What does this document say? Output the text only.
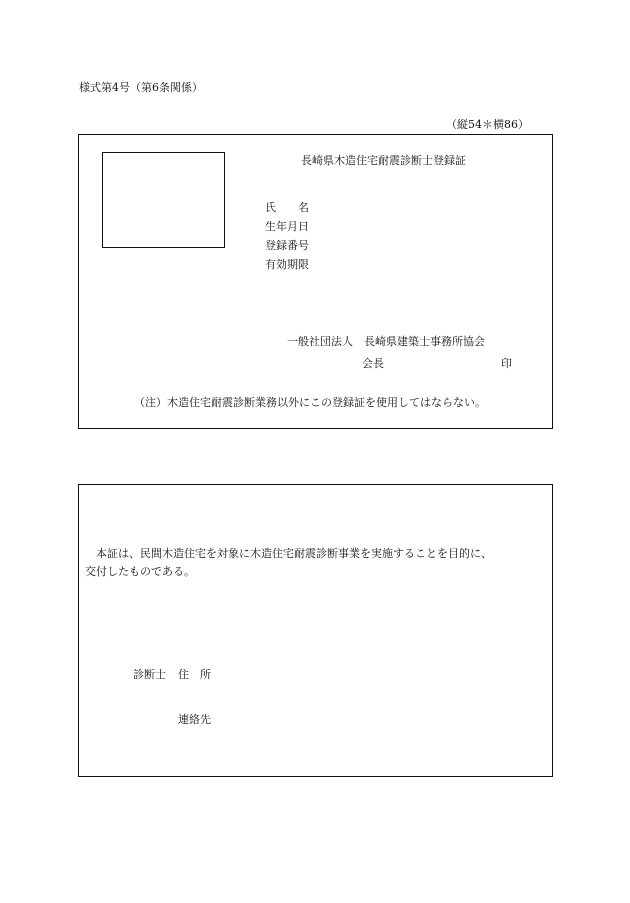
様式第4号（第6条関係）
（縦54＊横86）
長崎県木造住宅耐震診断士登録証
氏　　名
生年月日
登録番号
有効期限
一般社団法人　長崎県建築士事務所協会
会長	印
（注）木造住宅耐震診断業務以外にこの登録証を使用してはならない。
本証は、民間木造住宅を対象に木造住宅耐震診断事業を実施することを目的に、
交付したものである。
診断士 住　所
連絡先
